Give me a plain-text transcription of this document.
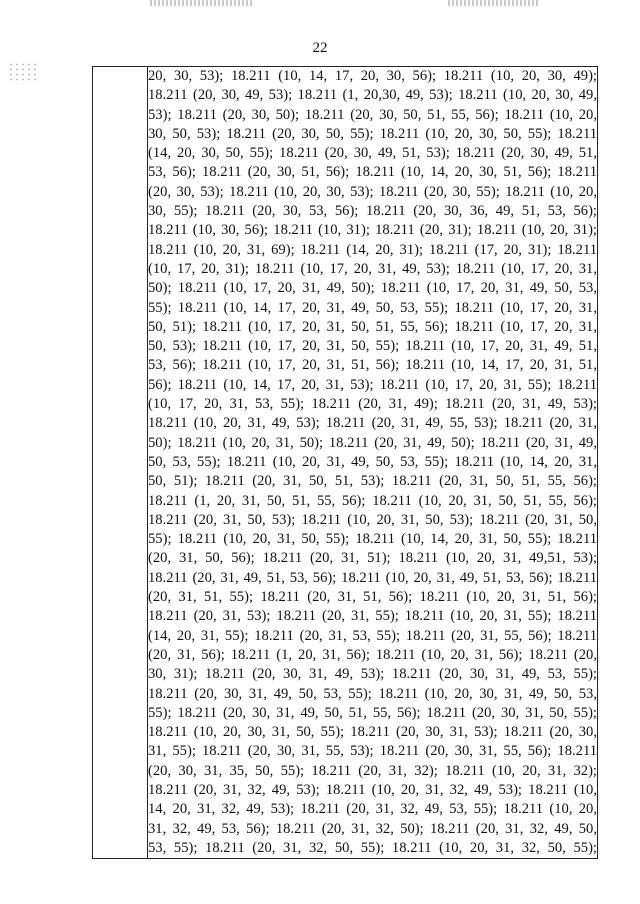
22

20, 30, 53); 18.211 (10, 14, 17, 20, 30, 56); 18.211 (10, 20, 30, 49);
18.211 (20, 30, 49, 53); 18.211 (1, 20,30, 49, 53); 18.211 (10, 20, 30, 49,
53); 18.211 (20, 30, 50); 18.211 (20, 30, 50, 51, 55, 56); 18.211 (10, 20,
30, 50, 53); 18.211 (20, 30, 50, 55); 18.211 (10, 20, 30, 50, 55); 18.211
(14, 20, 30, 50, 55); 18.211 (20, 30, 49, 51, 53); 18.211 (20, 30, 49, 51,
53, 56); 18.211 (20, 30, 51, 56); 18.211 (10, 14, 20, 30, 51, 56); 18.211
(20, 30, 53); 18.211 (10, 20, 30, 53); 18.211 (20, 30, 55); 18.211 (10, 20,
30, 55); 18.211 (20, 30, 53, 56); 18.211 (20, 30, 36, 49, 51, 53, 56);
18.211 (10, 30, 56); 18.211 (10, 31); 18.211 (20, 31); 18.211 (10, 20, 31);
18.211 (10, 20, 31, 69); 18.211 (14, 20, 31); 18.211 (17, 20, 31); 18.211
(10, 17, 20, 31); 18.211 (10, 17, 20, 31, 49, 53); 18.211 (10, 17, 20, 31,
50); 18.211 (10, 17, 20, 31, 49, 50); 18.211 (10, 17, 20, 31, 49, 50, 53,
55); 18.211 (10, 14, 17, 20, 31, 49, 50, 53, 55); 18.211 (10, 17, 20, 31,
50, 51); 18.211 (10, 17, 20, 31, 50, 51, 55, 56); 18.211 (10, 17, 20, 31,
50, 53); 18.211 (10, 17, 20, 31, 50, 55); 18.211 (10, 17, 20, 31, 49, 51,
53, 56); 18.211 (10, 17, 20, 31, 51, 56); 18.211 (10, 14, 17, 20, 31, 51,
56); 18.211 (10, 14, 17, 20, 31, 53); 18.211 (10, 17, 20, 31, 55); 18.211
(10, 17, 20, 31, 53, 55); 18.211 (20, 31, 49); 18.211 (20, 31, 49, 53);
18.211 (10, 20, 31, 49, 53); 18.211 (20, 31, 49, 55, 53); 18.211 (20, 31,
50); 18.211 (10, 20, 31, 50); 18.211 (20, 31, 49, 50); 18.211 (20, 31, 49,
50, 53, 55); 18.211 (10, 20, 31, 49, 50, 53, 55); 18.211 (10, 14, 20, 31,
50, 51); 18.211 (20, 31, 50, 51, 53); 18.211 (20, 31, 50, 51, 55, 56);
18.211 (1, 20, 31, 50, 51, 55, 56); 18.211 (10, 20, 31, 50, 51, 55, 56);
18.211 (20, 31, 50, 53); 18.211 (10, 20, 31, 50, 53); 18.211 (20, 31, 50,
55); 18.211 (10, 20, 31, 50, 55); 18.211 (10, 14, 20, 31, 50, 55); 18.211
(20, 31, 50, 56); 18.211 (20, 31, 51); 18.211 (10, 20, 31, 49,51, 53);
18.211 (20, 31, 49, 51, 53, 56); 18.211 (10, 20, 31, 49, 51, 53, 56); 18.211
(20, 31, 51, 55); 18.211 (20, 31, 51, 56); 18.211 (10, 20, 31, 51, 56);
18.211 (20, 31, 53); 18.211 (20, 31, 55); 18.211 (10, 20, 31, 55); 18.211
(14, 20, 31, 55); 18.211 (20, 31, 53, 55); 18.211 (20, 31, 55, 56); 18.211
(20, 31, 56); 18.211 (1, 20, 31, 56); 18.211 (10, 20, 31, 56); 18.211 (20,
30, 31); 18.211 (20, 30, 31, 49, 53); 18.211 (20, 30, 31, 49, 53, 55);
18.211 (20, 30, 31, 49, 50, 53, 55); 18.211 (10, 20, 30, 31, 49, 50, 53,
55); 18.211 (20, 30, 31, 49, 50, 51, 55, 56); 18.211 (20, 30, 31, 50, 55);
18.211 (10, 20, 30, 31, 50, 55); 18.211 (20, 30, 31, 53); 18.211 (20, 30,
31, 55); 18.211 (20, 30, 31, 55, 53); 18.211 (20, 30, 31, 55, 56); 18.211
(20, 30, 31, 35, 50, 55); 18.211 (20, 31, 32); 18.211 (10, 20, 31, 32);
18.211 (20, 31, 32, 49, 53); 18.211 (10, 20, 31, 32, 49, 53); 18.211 (10,
14, 20, 31, 32, 49, 53); 18.211 (20, 31, 32, 49, 53, 55); 18.211 (10, 20,
31, 32, 49, 53, 56); 18.211 (20, 31, 32, 50); 18.211 (20, 31, 32, 49, 50,
53, 55); 18.211 (20, 31, 32, 50, 55); 18.211 (10, 20, 31, 32, 50, 55);
